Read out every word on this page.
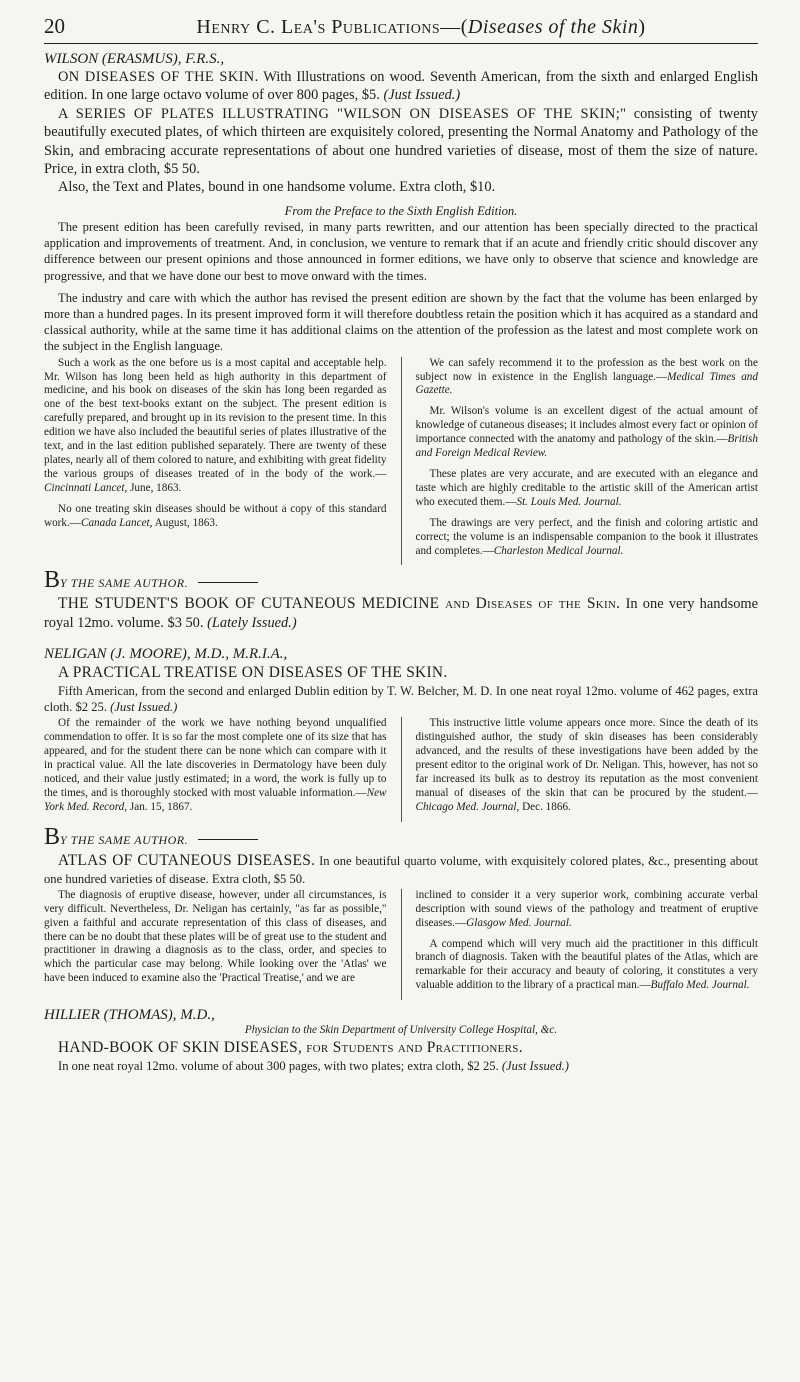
20	Henry C. Lea's Publications—(Diseases of the Skin)

WILSON (ERASMUS), F.R.S.,

ON DISEASES OF THE SKIN. With Illustrations on wood. Seventh American, from the sixth and enlarged English edition. In one large octavo volume of over 800 pages, $5. (Just Issued.)

A SERIES OF PLATES ILLUSTRATING "WILSON ON DISEASES OF THE SKIN;" consisting of twenty beautifully executed plates, of which thirteen are exquisitely colored, presenting the Normal Anatomy and Pathology of the Skin, and embracing accurate representations of about one hundred varieties of disease, most of them the size of nature. Price, in extra cloth, $5 50.

Also, the Text and Plates, bound in one handsome volume. Extra cloth, $10.

From the Preface to the Sixth English Edition.

The present edition has been carefully revised, in many parts rewritten, and our attention has been specially directed to the practical application and improvements of treatment. And, in conclusion, we venture to remark that if an acute and friendly critic should discover any difference between our present opinions and those announced in former editions, we have only to observe that science and knowledge are progressive, and that we have done our best to move onward with the times.

The industry and care with which the author has revised the present edition are shown by the fact that the volume has been enlarged by more than a hundred pages. In its present improved form it will therefore doubtless retain the position which it has acquired as a standard and classical authority, while at the same time it has additional claims on the attention of the profession as the latest and most complete work on the subject in the English language.

Such a work as the one before us is a most capital and acceptable help. Mr. Wilson has long been held as high authority in this department of medicine, and his book on diseases of the skin has long been regarded as one of the best text-books extant on the subject. The present edition is carefully prepared, and brought up in its revision to the present time. In this edition we have also included the beautiful series of plates illustrative of the text, and in the last edition published separately. There are twenty of these plates, nearly all of them colored to nature, and exhibiting with great fidelity the various groups of diseases treated of in the body of the work.—Cincinnati Lancet, June, 1863.

No one treating skin diseases should be without a copy of this standard work.—Canada Lancet, August, 1863.

We can safely recommend it to the profession as the best work on the subject now in existence in the English language.—Medical Times and Gazette.

Mr. Wilson's volume is an excellent digest of the actual amount of knowledge of cutaneous diseases; it includes almost every fact or opinion of importance connected with the anatomy and pathology of the skin.—British and Foreign Medical Review.

These plates are very accurate, and are executed with an elegance and taste which are highly creditable to the artistic skill of the American artist who executed them.—St. Louis Med. Journal.

The drawings are very perfect, and the finish and coloring artistic and correct; the volume is an indispensable companion to the book it illustrates and completes.—Charleston Medical Journal.

B Y THE SAME AUTHOR.

THE STUDENT'S BOOK OF CUTANEOUS MEDICINE and Diseases of the Skin. In one very handsome royal 12mo. volume. $3 50. (Lately Issued.)

NELIGAN (J. MOORE), M.D., M.R.I.A.,

A PRACTICAL TREATISE ON DISEASES OF THE SKIN.

Fifth American, from the second and enlarged Dublin edition by T. W. Belcher, M. D. In one neat royal 12mo. volume of 462 pages, extra cloth. $2 25. (Just Issued.)

Of the remainder of the work we have nothing beyond unqualified commendation to offer. It is so far the most complete one of its size that has appeared, and for the student there can be none which can compare with it in practical value. All the late discoveries in Dermatology have been duly noticed, and their value justly estimated; in a word, the work is fully up to the times, and is thoroughly stocked with most valuable information.—New York Med. Record, Jan. 15, 1867.

This instructive little volume appears once more. Since the death of its distinguished author, the study of skin diseases has been considerably advanced, and the results of these investigations have been added by the present editor to the original work of Dr. Neligan. This, however, has not so far increased its bulk as to destroy its reputation as the most convenient manual of diseases of the skin that can be procured by the student.—Chicago Med. Journal, Dec. 1866.

B Y THE SAME AUTHOR.

ATLAS OF CUTANEOUS DISEASES. In one beautiful quarto volume, with exquisitely colored plates, &c., presenting about one hundred varieties of disease. Extra cloth, $5 50.

The diagnosis of eruptive disease, however, under all circumstances, is very difficult. Nevertheless, Dr. Neligan has certainly, "as far as possible," given a faithful and accurate representation of this class of diseases, and there can be no doubt that these plates will be of great use to the student and practitioner in drawing a diagnosis as to the class, order, and species to which the particular case may belong. While looking over the 'Atlas' we have been induced to examine also the 'Practical Treatise,' and we are

inclined to consider it a very superior work, combining accurate verbal description with sound views of the pathology and treatment of eruptive diseases.—Glasgow Med. Journal.

A compend which will very much aid the practitioner in this difficult branch of diagnosis. Taken with the beautiful plates of the Atlas, which are remarkable for their accuracy and beauty of coloring, it constitutes a very valuable addition to the library of a practical man.—Buffalo Med. Journal.

HILLIER (THOMAS), M.D.,

Physician to the Skin Department of University College Hospital, &c.

HAND-BOOK OF SKIN DISEASES, for Students and Practitioners.

In one neat royal 12mo. volume of about 300 pages, with two plates; extra cloth, $2 25. (Just Issued.)
